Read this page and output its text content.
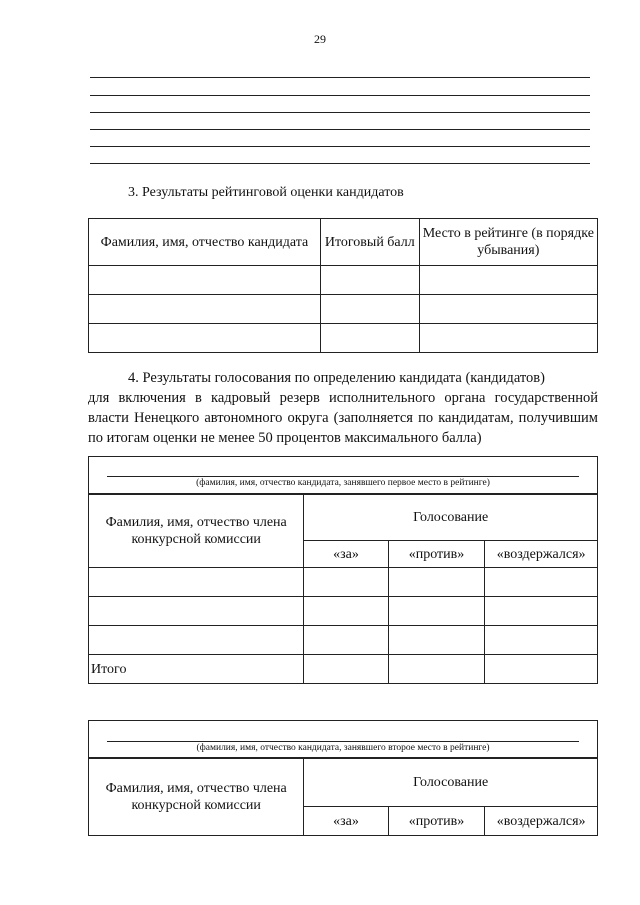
29
3. Результаты рейтинговой оценки кандидатов
Фамилия, имя, отчество кандидата	Итоговый балл	Место в рейтинге (в порядке убывания)

4. Результаты голосования по определению кандидата (кандидатов)

для включения в кадровый резерв исполнительного органа государственной власти Ненецкого автономного округа (заполняется по кандидатам, получившим по итогам оценки не менее 50 процентов максимального балла)

(фамилия, имя, отчество кандидата, занявшего первое место в рейтинге)
Фамилия, имя, отчество члена конкурсной комиссии	Голосование		
	«за»	«против»	«воздержался»

Итого			
(фамилия, имя, отчество кандидата, занявшего второе место в рейтинге)
Фамилия, имя, отчество члена конкурсной комиссии	Голосование		
	«за»	«против»	«воздержался»
